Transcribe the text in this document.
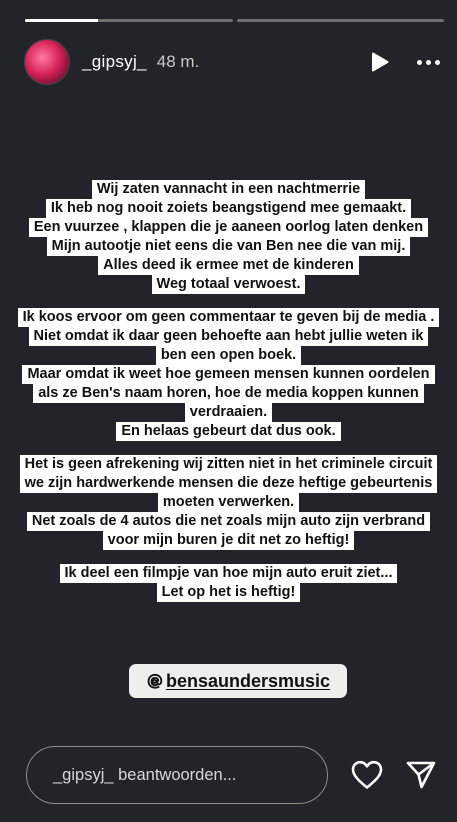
_gipsyj_ 48 m.
Wij zaten vannacht in een nachtmerrie
Ik heb nog nooit zoiets beangstigend mee gemaakt.
Een vuurzee , klappen die je aaneen oorlog laten denken
Mijn autootje niet eens die van Ben nee die van mij.
Alles deed ik ermee met de kinderen
Weg totaal verwoest.

Ik koos ervoor om geen commentaar te geven bij de media .
Niet omdat ik daar geen behoefte aan hebt jullie weten ik
ben een open boek.
Maar omdat ik weet hoe gemeen mensen kunnen oordelen
als ze Ben's naam horen, hoe de media koppen kunnen
verdraaien.
En helaas gebeurt dat dus ook.

Het is geen afrekening wij zitten niet in het criminele circuit
we zijn hardwerkende mensen die deze heftige gebeurtenis
moeten verwerken.
Net zoals de 4 autos die net zoals mijn auto zijn verbrand
voor mijn buren je dit net zo heftig!

Ik deel een filmpje van hoe mijn auto eruit ziet...
Let op het is heftig!

bensaundersmusic
_gipsyj_ beantwoorden...
